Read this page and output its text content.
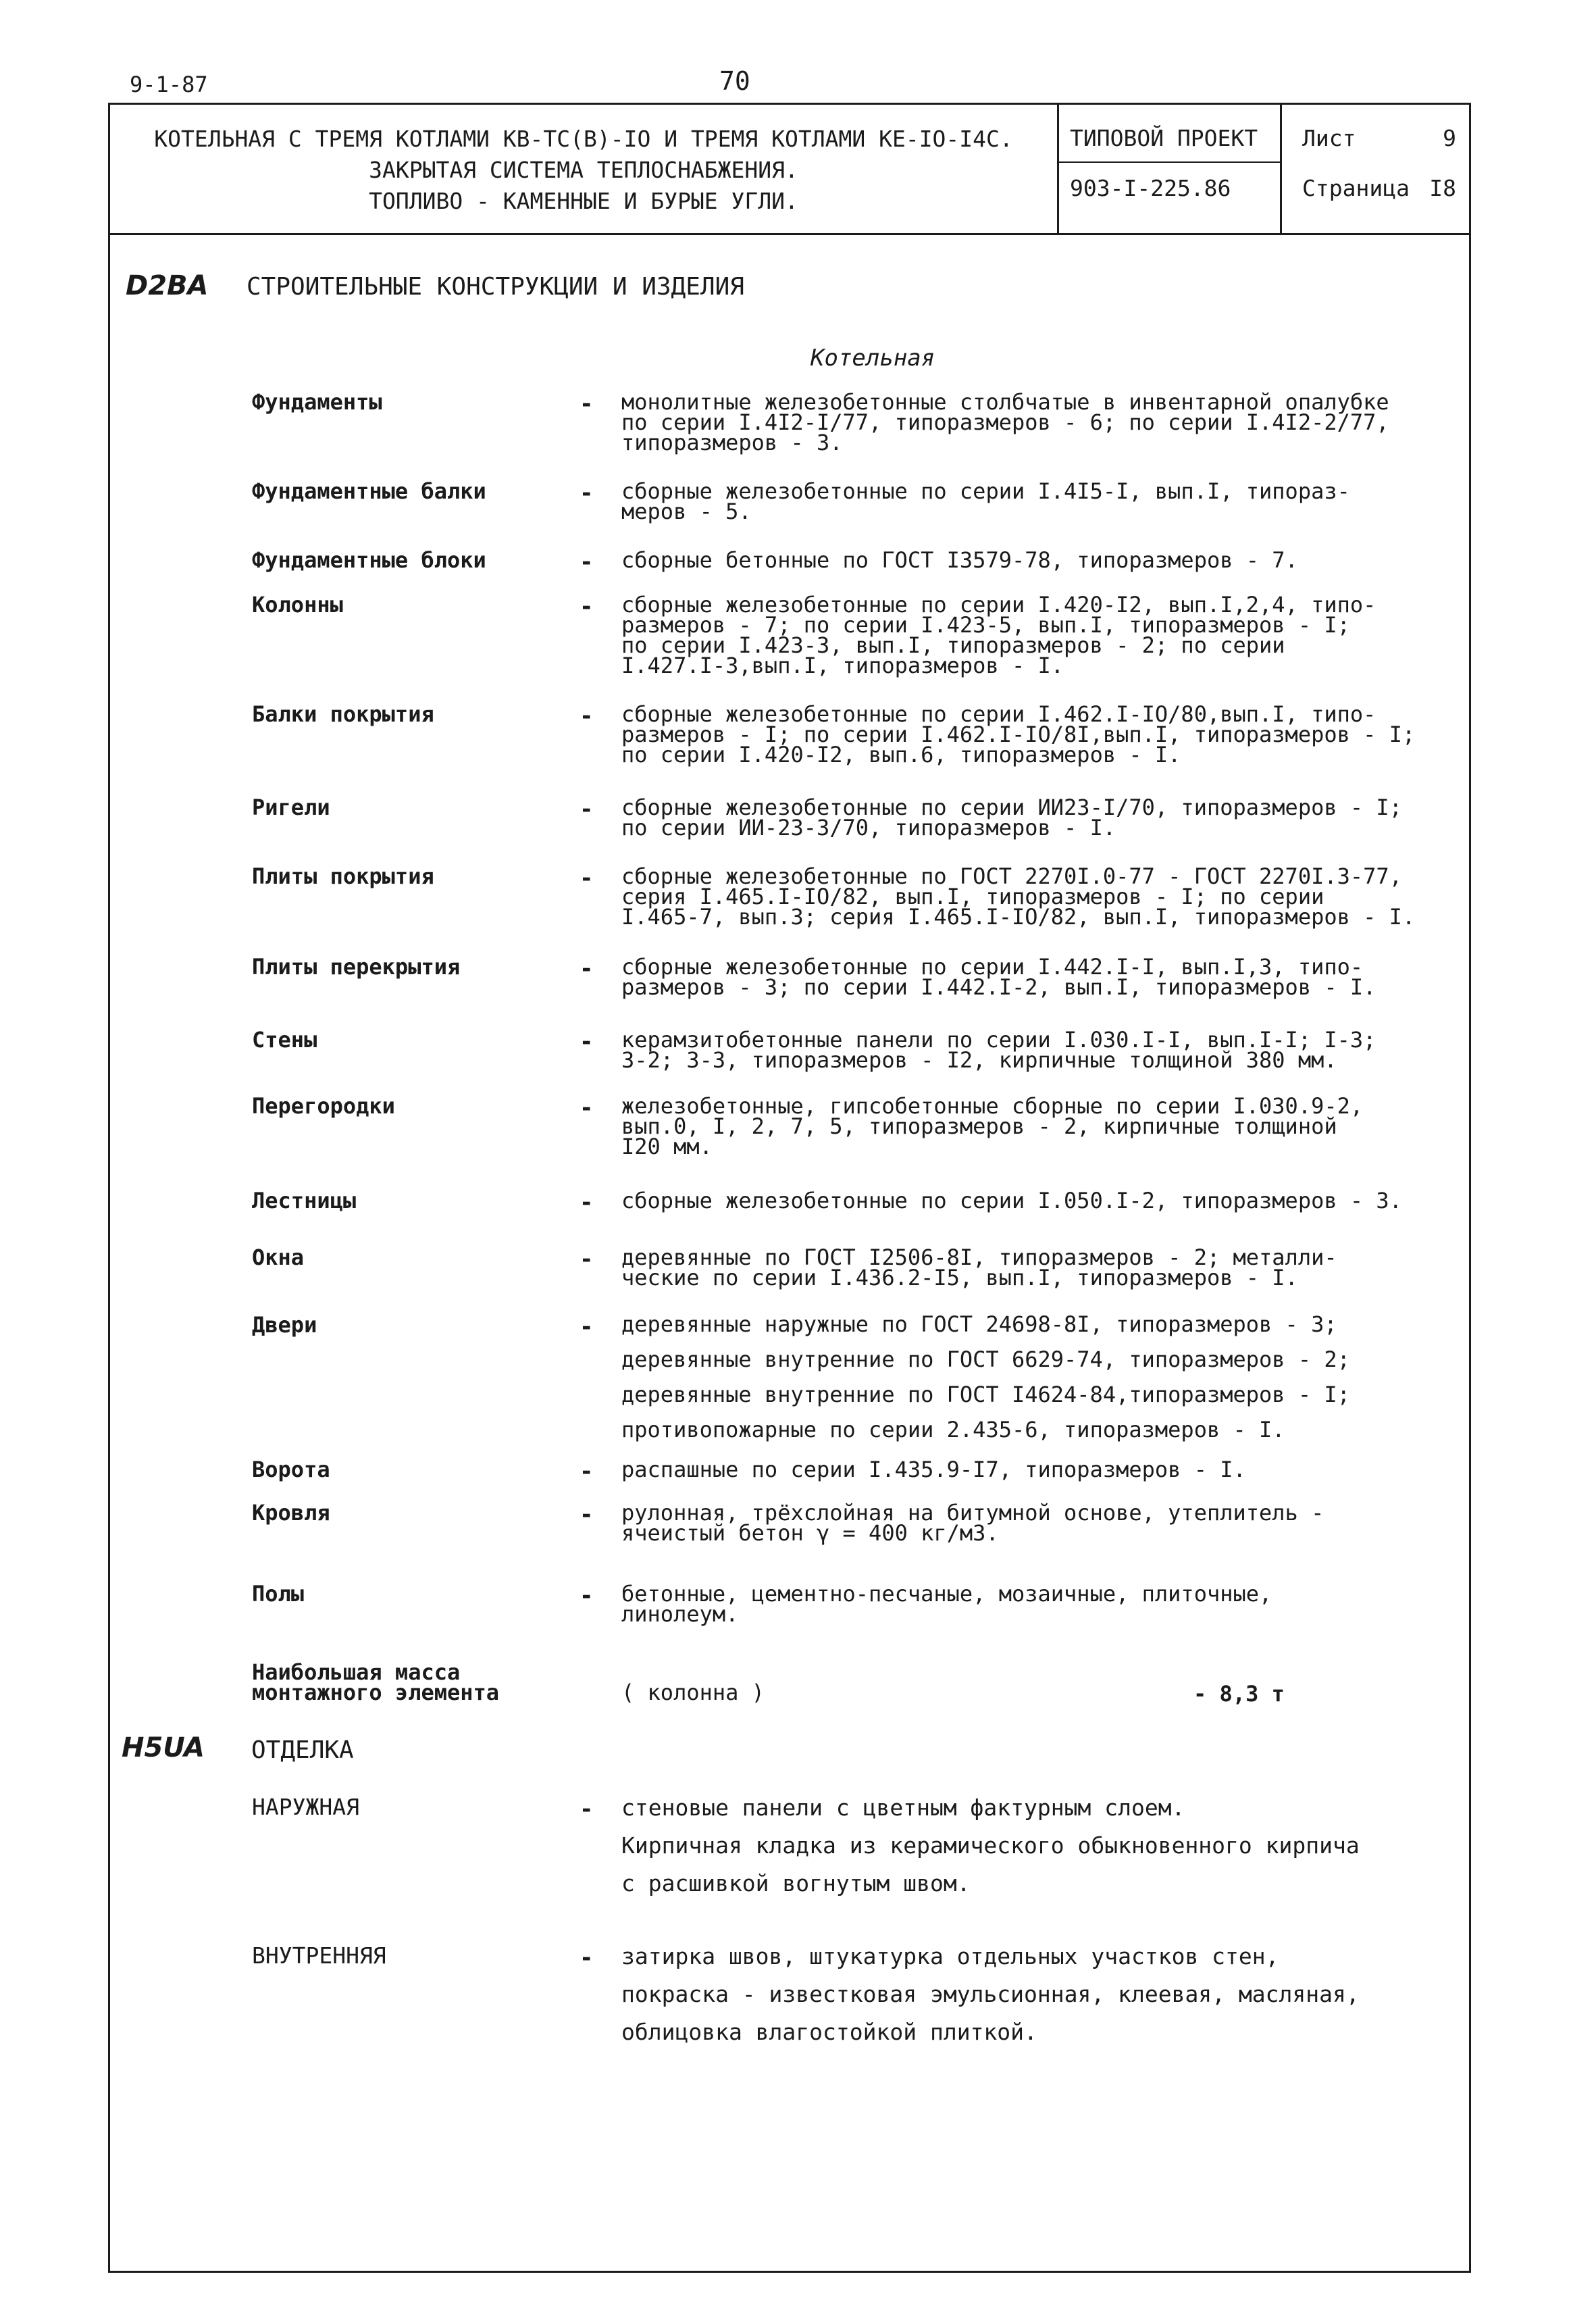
9-1-87	70
КОТЕЛЬНАЯ С ТРЕМЯ КОТЛАМИ КВ-ТС(В)-IO И ТРЕМЯ КОТЛАМИ КЕ-IO-I4С.
ЗАКРЫТАЯ СИСТЕМА ТЕПЛОСНАБЖЕНИЯ.
ТОПЛИВО - КАМЕННЫЕ И БУРЫЕ УГЛИ.
ТИПОВОЙ ПРОЕКТ
903-I-225.86
Лист	9
Страница I8
D2BA СТРОИТЕЛЬНЫЕ КОНСТРУКЦИИ И ИЗДЕЛИЯ
Котельная
Фундаменты	- монолитные железобетонные столбчатые в инвентарной опалубке
по серии I.4I2-I/77, типоразмеров - 6; по серии I.4I2-2/77,
типоразмеров - 3.
Фундаментные балки	- сборные железобетонные по серии I.4I5-I, вып.I, типораз-
меров - 5.
Фундаментные блоки	- сборные бетонные по ГОСТ I3579-78, типоразмеров - 7.
Колонны	- сборные железобетонные по серии I.420-I2, вып.I,2,4, типо-
размеров - 7; по серии I.423-5, вып.I, типоразмеров - I;
по серии I.423-3, вып.I, типоразмеров - 2; по серии
I.427.I-3,вып.I, типоразмеров - I.
Балки покрытия	- сборные железобетонные по серии I.462.I-IO/80,вып.I, типо-
размеров - I; по серии I.462.I-IO/8I,вып.I, типоразмеров - I;
по серии I.420-I2, вып.6, типоразмеров - I.
Ригели	- сборные железобетонные по серии ИИ23-I/70, типоразмеров - I;
по серии ИИ-23-3/70, типоразмеров - I.
Плиты покрытия	- сборные железобетонные по ГОСТ 2270I.0-77 - ГОСТ 2270I.3-77,
серия I.465.I-IO/82, вып.I, типоразмеров - I; по серии
I.465-7, вып.3; серия I.465.I-IO/82, вып.I, типоразмеров - I.
Плиты перекрытия	- сборные железобетонные по серии I.442.I-I, вып.I,3, типо-
размеров - 3; по серии I.442.I-2, вып.I, типоразмеров - I.
Стены	- керамзитобетонные панели по серии I.030.I-I, вып.I-I; I-3;
3-2; 3-3, типоразмеров - I2, кирпичные толщиной 380 мм.
Перегородки	- железобетонные, гипсобетонные сборные по серии I.030.9-2,
вып.0, I, 2, 7, 5, типоразмеров - 2, кирпичные толщиной
I20 мм.
Лестницы	- сборные железобетонные по серии I.050.I-2, типоразмеров - 3.
Окна	- деревянные по ГОСТ I2506-8I, типоразмеров - 2; металли-
ческие по серии I.436.2-I5, вып.I, типоразмеров - I.
Двери	- деревянные наружные по ГОСТ 24698-8I, типоразмеров - 3;
деревянные внутренние по ГОСТ 6629-74, типоразмеров - 2;
деревянные внутренние по ГОСТ I4624-84,типоразмеров - I;
противопожарные по серии 2.435-6, типоразмеров - I.
Ворота	- распашные по серии I.435.9-I7, типоразмеров - I.
Кровля	- рулонная, трёхслойная на битумной основе, утеплитель -
ячеистый бетон γ = 400 кг/м3.
Полы	- бетонные, цементно-песчаные, мозаичные, плиточные,
линолеум.
Наибольшая масса
монтажного элемента	( колонна )	- 8,3 т
H5UA ОТДЕЛКА
НАРУЖНАЯ	- стеновые панели с цветным фактурным слоем.
Кирпичная кладка из керамического обыкновенного кирпича
с расшивкой вогнутым швом.
ВНУТРЕННЯЯ	- затирка швов, штукатурка отдельных участков стен,
покраска - известковая эмульсионная, клеевая, масляная,
облицовка влагостойкой плиткой.
